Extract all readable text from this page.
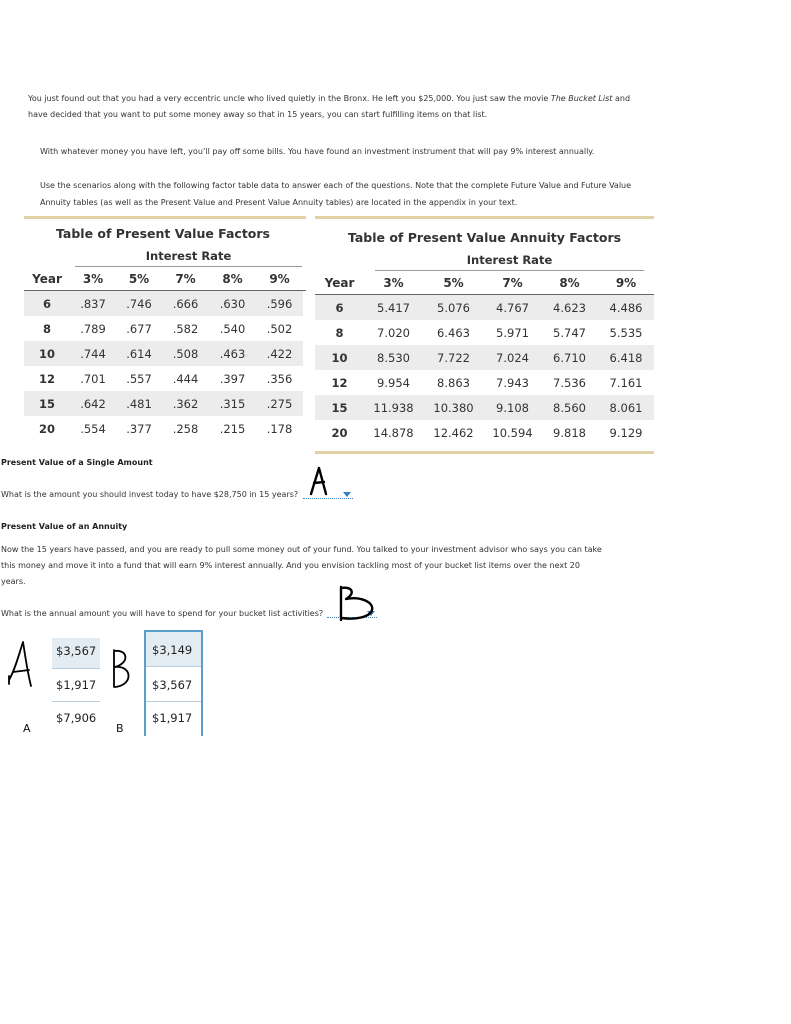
You just found out that you had a very eccentric uncle who lived quietly in the Bronx. He left you $25,000. You just saw the movie The Bucket List and
have decided that you want to put some money away so that in 15 years, you can start fulfilling items on that list.
With whatever money you have left, you’ll pay off some bills. You have found an investment instrument that will pay 9% interest annually.
Use the scenarios along with the following factor table data to answer each of the questions. Note that the complete Future Value and Future Value
Annuity tables (as well as the Present Value and Present Value Annuity tables) are located in the appendix in your text.
Table of Present Value Factors
Interest Rate
Year	3%	5%	7%	8%	9%
6	.837	.746	.666	.630	.596
8	.789	.677	.582	.540	.502
10	.744	.614	.508	.463	.422
12	.701	.557	.444	.397	.356
15	.642	.481	.362	.315	.275
20	.554	.377	.258	.215	.178
Table of Present Value Annuity Factors
Interest Rate
Year	3%	5%	7%	8%	9%
6	5.417	5.076	4.767	4.623	4.486
8	7.020	6.463	5.971	5.747	5.535
10	8.530	7.722	7.024	6.710	6.418
12	9.954	8.863	7.943	7.536	7.161
15	11.938	10.380	9.108	8.560	8.061
20	14.878	12.462	10.594	9.818	9.129
Present Value of a Single Amount
What is the amount you should invest today to have $28,750 in 15 years?
A
Present Value of an Annuity
Now the 15 years have passed, and you are ready to pull some money out of your fund. You talked to your investment advisor who says you can take
this money and move it into a fund that will earn 9% interest annually. And you envision tackling most of your bucket list items over the next 20
years.
What is the annual amount you will have to spend for your bucket list activities?
B
A
$3,567
$1,917
$7,906
A
B
$3,149
$3,567
$1,917
B
